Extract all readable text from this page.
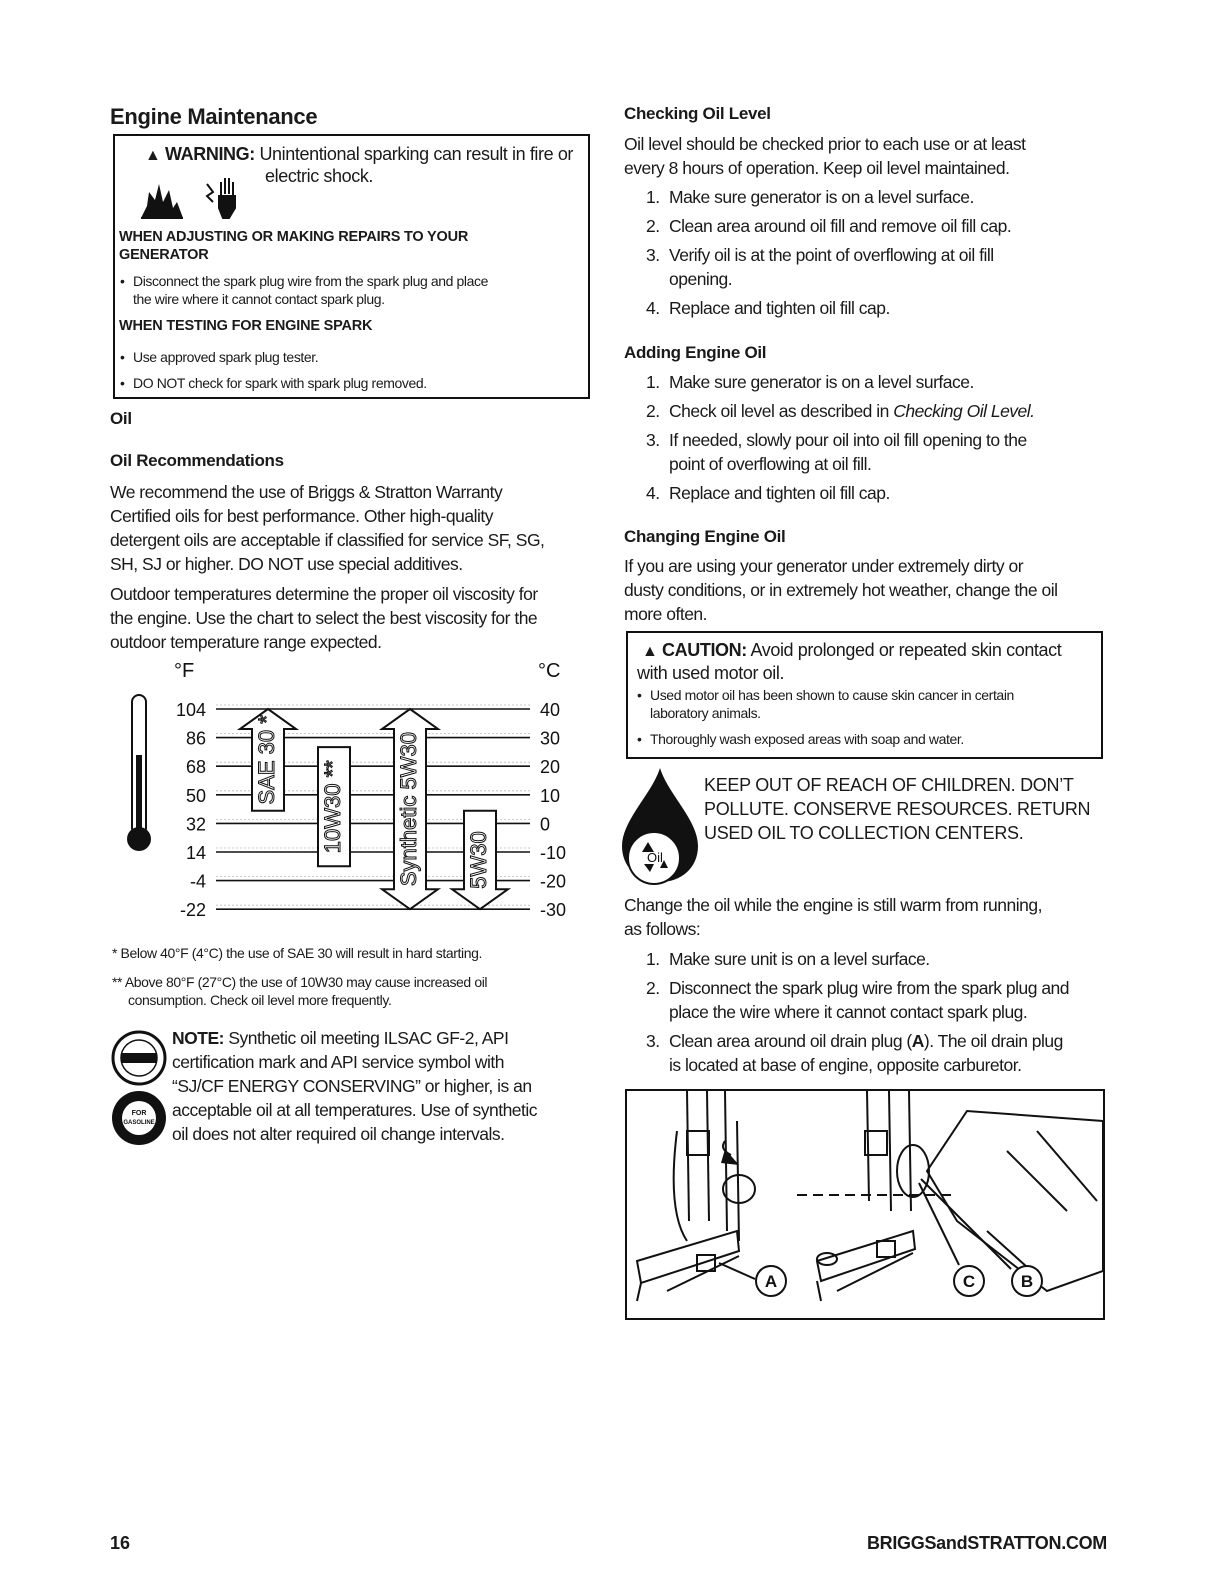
Engine Maintenance
▲ WARNING: Unintentional sparking can result in fire or
electric shock.
WHEN ADJUSTING OR MAKING REPAIRS TO YOUR
GENERATOR
• Disconnect the spark plug wire from the spark plug and place
the wire where it cannot contact spark plug.
WHEN TESTING FOR ENGINE SPARK
• Use approved spark plug tester.
• DO NOT check for spark with spark plug removed.
Oil
Oil Recommendations
We recommend the use of Briggs & Stratton Warranty
Certified oils for best performance. Other high-quality
detergent oils are acceptable if classified for service SF, SG,
SH, SJ or higher. DO NOT use special additives.
Outdoor temperatures determine the proper oil viscosity for
the engine. Use the chart to select the best viscosity for the
outdoor temperature range expected.
°F	°C
104	40
86	30
68	20
50	10
32	0
14	-10
-4	-20
-22	-30
SAE 30 *
10W30 ** Synthetic 5W30 5W30
* Below 40°F (4°C) the use of SAE 30 will result in hard starting.
** Above 80°F (27°C) the use of 10W30 may cause increased oil
consumption. Check oil level more frequently.
FOR
GASOLINE
NOTE: Synthetic oil meeting ILSAC GF-2, API
certification mark and API service symbol with
“SJ/CF ENERGY CONSERVING” or higher, is an
acceptable oil at all temperatures. Use of synthetic
oil does not alter required oil change intervals.
Checking Oil Level
Oil level should be checked prior to each use or at least
every 8 hours of operation. Keep oil level maintained.
1. Make sure generator is on a level surface.
2. Clean area around oil fill and remove oil fill cap.
3. Verify oil is at the point of overflowing at oil fill
opening.
4. Replace and tighten oil fill cap.
Adding Engine Oil
1. Make sure generator is on a level surface.
2. Check oil level as described in Checking Oil Level.
3. If needed, slowly pour oil into oil fill opening to the
point of overflowing at oil fill.
4. Replace and tighten oil fill cap.
Changing Engine Oil
If you are using your generator under extremely dirty or
dusty conditions, or in extremely hot weather, change the oil
more often.
▲ CAUTION: Avoid prolonged or repeated skin contact
with used motor oil.
• Used motor oil has been shown to cause skin cancer in certain
laboratory animals.
• Thoroughly wash exposed areas with soap and water.
Oil
KEEP OUT OF REACH OF CHILDREN. DON’T
POLLUTE. CONSERVE RESOURCES. RETURN
USED OIL TO COLLECTION CENTERS.
Change the oil while the engine is still warm from running,
as follows:
1. Make sure unit is on a level surface.
2. Disconnect the spark plug wire from the spark plug and
place the wire where it cannot contact spark plug.
3. Clean area around oil drain plug (A). The oil drain plug
is located at base of engine, opposite carburetor.
A	C	B
16	BRIGGSandSTRATTON.COM
